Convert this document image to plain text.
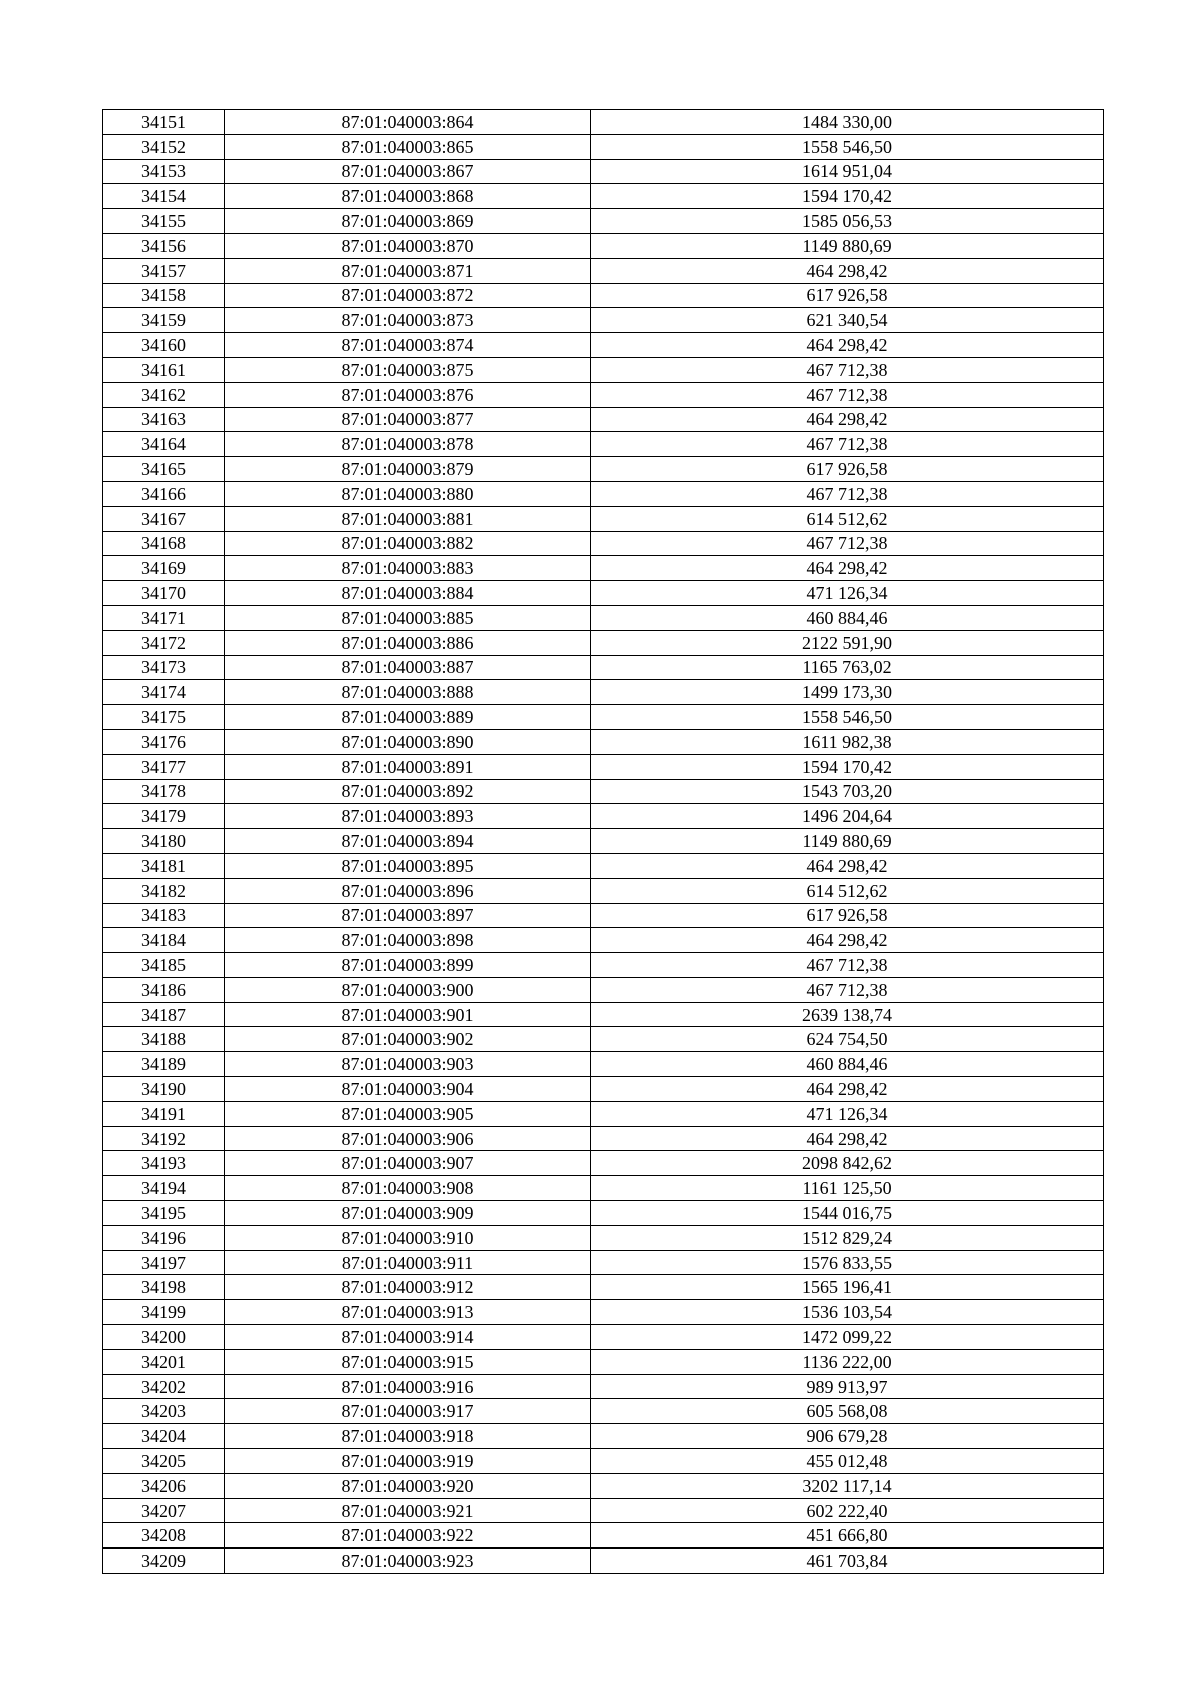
34151	87:01:040003:864	1484 330,00
34152	87:01:040003:865	1558 546,50
34153	87:01:040003:867	1614 951,04
34154	87:01:040003:868	1594 170,42
34155	87:01:040003:869	1585 056,53
34156	87:01:040003:870	1149 880,69
34157	87:01:040003:871	464 298,42
34158	87:01:040003:872	617 926,58
34159	87:01:040003:873	621 340,54
34160	87:01:040003:874	464 298,42
34161	87:01:040003:875	467 712,38
34162	87:01:040003:876	467 712,38
34163	87:01:040003:877	464 298,42
34164	87:01:040003:878	467 712,38
34165	87:01:040003:879	617 926,58
34166	87:01:040003:880	467 712,38
34167	87:01:040003:881	614 512,62
34168	87:01:040003:882	467 712,38
34169	87:01:040003:883	464 298,42
34170	87:01:040003:884	471 126,34
34171	87:01:040003:885	460 884,46
34172	87:01:040003:886	2122 591,90
34173	87:01:040003:887	1165 763,02
34174	87:01:040003:888	1499 173,30
34175	87:01:040003:889	1558 546,50
34176	87:01:040003:890	1611 982,38
34177	87:01:040003:891	1594 170,42
34178	87:01:040003:892	1543 703,20
34179	87:01:040003:893	1496 204,64
34180	87:01:040003:894	1149 880,69
34181	87:01:040003:895	464 298,42
34182	87:01:040003:896	614 512,62
34183	87:01:040003:897	617 926,58
34184	87:01:040003:898	464 298,42
34185	87:01:040003:899	467 712,38
34186	87:01:040003:900	467 712,38
34187	87:01:040003:901	2639 138,74
34188	87:01:040003:902	624 754,50
34189	87:01:040003:903	460 884,46
34190	87:01:040003:904	464 298,42
34191	87:01:040003:905	471 126,34
34192	87:01:040003:906	464 298,42
34193	87:01:040003:907	2098 842,62
34194	87:01:040003:908	1161 125,50
34195	87:01:040003:909	1544 016,75
34196	87:01:040003:910	1512 829,24
34197	87:01:040003:911	1576 833,55
34198	87:01:040003:912	1565 196,41
34199	87:01:040003:913	1536 103,54
34200	87:01:040003:914	1472 099,22
34201	87:01:040003:915	1136 222,00
34202	87:01:040003:916	989 913,97
34203	87:01:040003:917	605 568,08
34204	87:01:040003:918	906 679,28
34205	87:01:040003:919	455 012,48
34206	87:01:040003:920	3202 117,14
34207	87:01:040003:921	602 222,40
34208	87:01:040003:922	451 666,80
34209	87:01:040003:923	461 703,84
